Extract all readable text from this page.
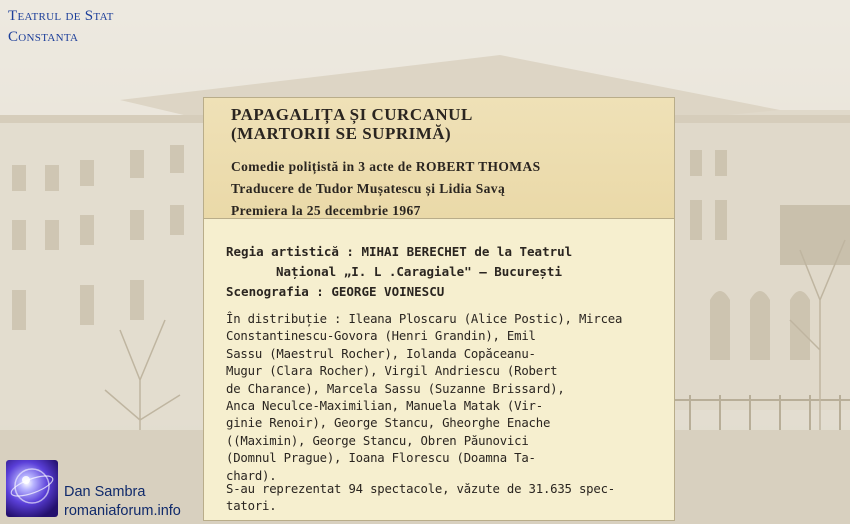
Teatrul de Stat
Constanta
PAPAGALIȚA ȘI CURCANUL
(MARTORII SE SUPRIMĂ)
Comedie polițistă in 3 acte de ROBERT THOMAS
Traducere de Tudor Mușatescu și Lidia Savą
Premiera la 25 decembrie 1967
Regia artistică : MIHAI BERECHET de la Teatrul
Național „I. L .Caragiale" — București
Scenografia : GEORGE VOINESCU
În distribuție : Ileana Ploscaru (Alice Postic), Mircea
Constantinescu-Govora (Henri Grandin), Emil
Sassu (Maestrul Rocher), Iolanda Copăceanu-
Mugur (Clara Rocher), Virgil Andriescu (Robert
de Charance), Marcela Sassu (Suzanne Brissard),
Anca Neculce-Maximilian, Manuela Matak (Vir-
ginie Renoir), George Stancu, Gheorghe Enache
((Maximin), George Stancu, Obren Păunovici
(Domnul Prague), Ioana Florescu (Doamna Ta-
chard).
S-au reprezentat 94 spectacole, văzute de 31.635 spec-
tatori.
Dan Sambra
romaniaforum.info
